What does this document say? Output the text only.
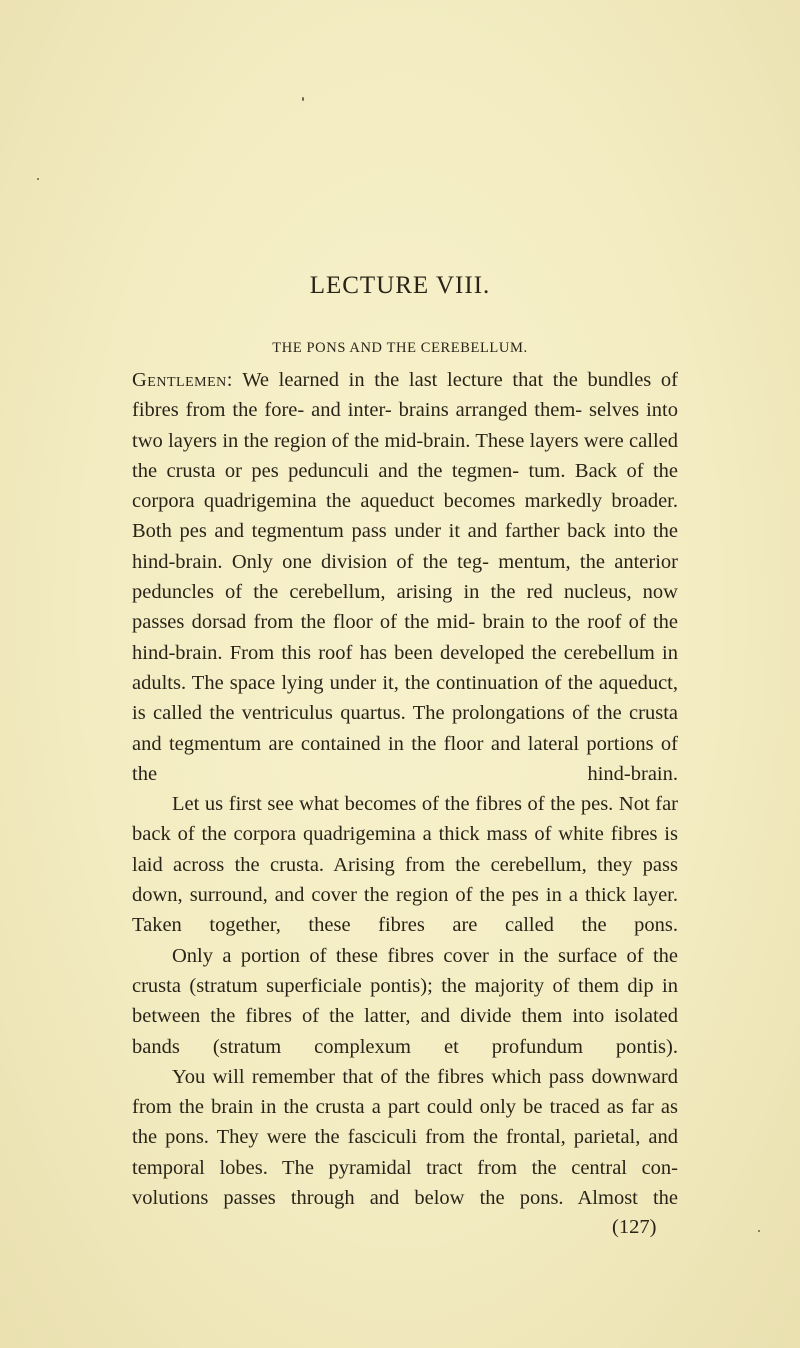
LECTURE VIII.
THE PONS AND THE CEREBELLUM.

Gentlemen: We learned in the last lecture that the bundles of fibres from the fore- and inter- brains arranged them- selves into two layers in the region of the mid-brain. These layers were called the crusta or pes pedunculi and the tegmen- tum. Back of the corpora quadrigemina the aqueduct becomes markedly broader. Both pes and tegmentum pass under it and farther back into the hind-brain. Only one division of the teg- mentum, the anterior peduncles of the cerebellum, arising in the red nucleus, now passes dorsad from the floor of the mid- brain to the roof of the hind-brain. From this roof has been developed the cerebellum in adults. The space lying under it, the continuation of the aqueduct, is called the ventriculus quartus. The prolongations of the crusta and tegmentum are contained in the floor and lateral portions of the hind-brain.

Let us first see what becomes of the fibres of the pes. Not far back of the corpora quadrigemina a thick mass of white fibres is laid across the crusta. Arising from the cerebellum, they pass down, surround, and cover the region of the pes in a thick layer. Taken together, these fibres are called the pons.

Only a portion of these fibres cover in the surface of the crusta (stratum superficiale pontis); the majority of them dip in between the fibres of the latter, and divide them into isolated bands (stratum complexum et profundum pontis).

You will remember that of the fibres which pass downward from the brain in the crusta a part could only be traced as far as the pons. They were the fasciculi from the frontal, parietal, and temporal lobes. The pyramidal tract from the central con- volutions passes through and below the pons. Almost the

(127)
